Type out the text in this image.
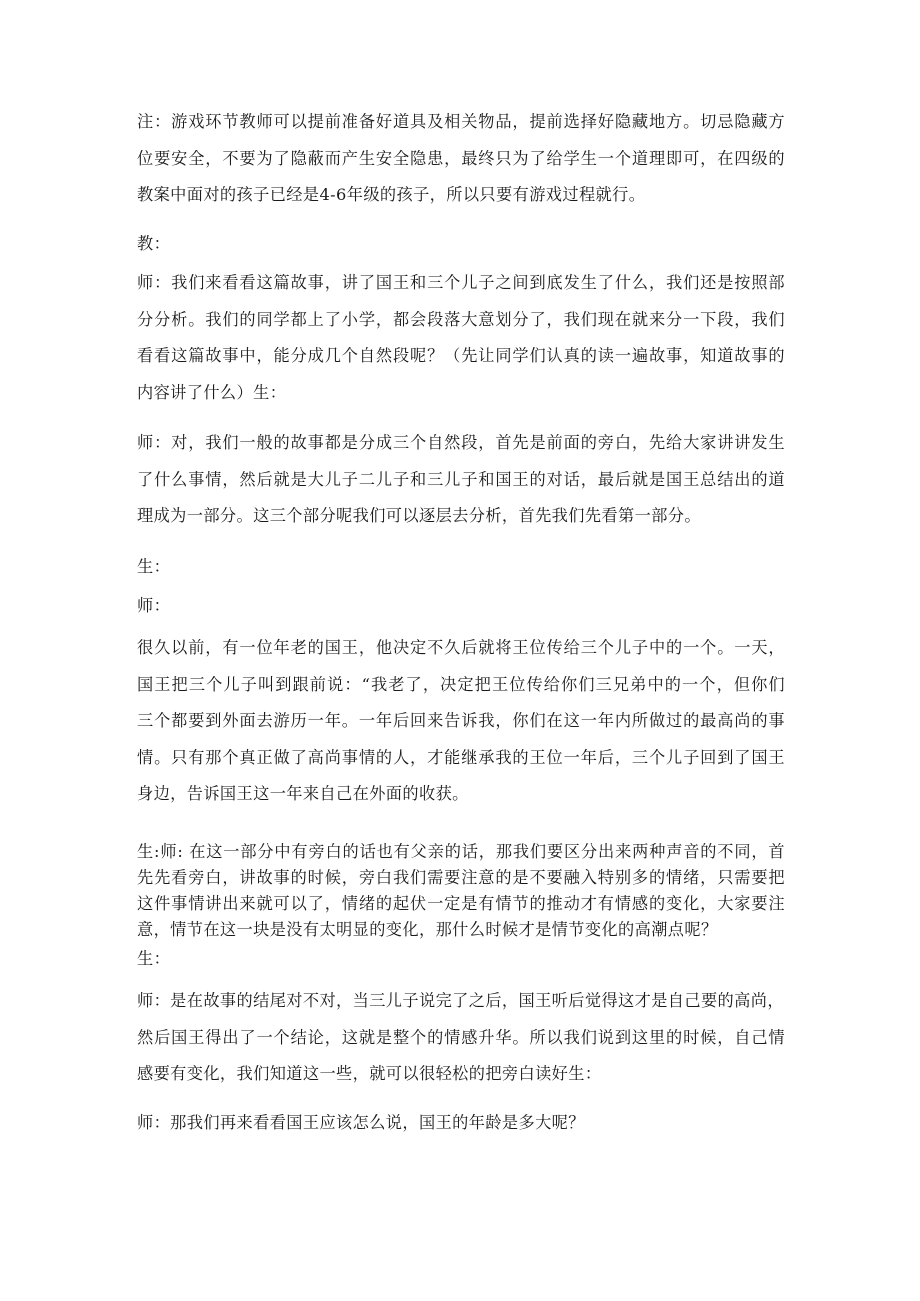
注：游戏环节教师可以提前准备好道具及相关物品，提前选择好隐藏地方。切忌隐藏方
位要安全，不要为了隐蔽而产生安全隐患，最终只为了给学生一个道理即可，在四级的
教案中面对的孩子已经是4-6年级的孩子，所以只要有游戏过程就行。
教：
师：我们来看看这篇故事，讲了国王和三个儿子之间到底发生了什么，我们还是按照部
分分析。我们的同学都上了小学，都会段落大意划分了，我们现在就来分一下段，我们
看看这篇故事中，能分成几个自然段呢？（先让同学们认真的读一遍故事，知道故事的
内容讲了什么）生：
师：对，我们一般的故事都是分成三个自然段，首先是前面的旁白，先给大家讲讲发生
了什么事情，然后就是大儿子二儿子和三儿子和国王的对话，最后就是国王总结出的道
理成为一部分。这三个部分呢我们可以逐层去分析，首先我们先看第一部分。
生：
师：
很久以前，有一位年老的国王，他决定不久后就将王位传给三个儿子中的一个。一天，
国王把三个儿子叫到跟前说：“我老了，决定把王位传给你们三兄弟中的一个，但你们
三个都要到外面去游历一年。一年后回来告诉我，你们在这一年内所做过的最高尚的事
情。只有那个真正做了高尚事情的人，才能继承我的王位一年后，三个儿子回到了国王
身边，告诉国王这一年来自己在外面的收获。
生:师: 在这一部分中有旁白的话也有父亲的话，那我们要区分出来两种声音的不同，首
先先看旁白，讲故事的时候，旁白我们需要注意的是不要融入特别多的情绪，只需要把
这件事情讲出来就可以了，情绪的起伏一定是有情节的推动才有情感的变化，大家要注
意，情节在这一块是没有太明显的变化，那什么时候才是情节变化的高潮点呢？
生：
师：是在故事的结尾对不对，当三儿子说完了之后，国王听后觉得这才是自己要的高尚，
然后国王得出了一个结论，这就是整个的情感升华。所以我们说到这里的时候，自己情
感要有变化，我们知道这一些，就可以很轻松的把旁白读好生：
师：那我们再来看看国王应该怎么说，国王的年龄是多大呢？
